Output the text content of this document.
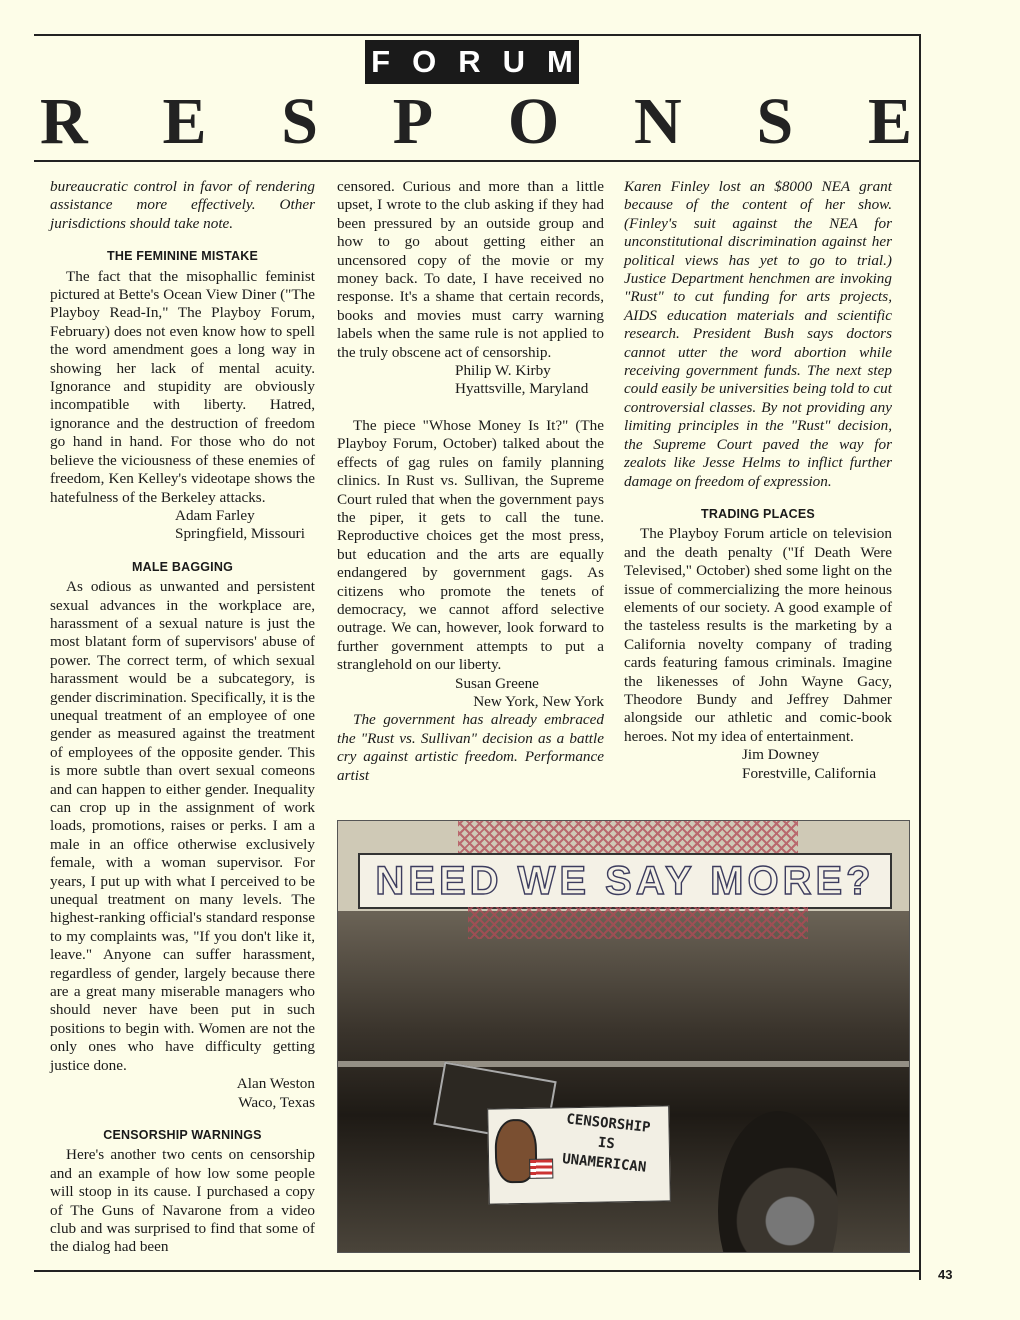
FORUM
R E S P O N S E

bureaucratic control in favor of rendering assistance more effectively. Other jurisdictions should take note.

THE FEMININE MISTAKE

The fact that the misophallic feminist pictured at Bette's Ocean View Diner ("The Playboy Read-In," The Playboy Forum, February) does not even know how to spell the word amendment goes a long way in showing her lack of mental acuity. Ignorance and stupidity are obviously incompatible with liberty. Hatred, ignorance and the destruction of freedom go hand in hand. For those who do not believe the viciousness of these enemies of freedom, Ken Kelley's videotape shows the hatefulness of the Berkeley attacks.

Adam Farley
Springfield, Missouri
MALE BAGGING

As odious as unwanted and persistent sexual advances in the workplace are, harassment of a sexual nature is just the most blatant form of supervisors' abuse of power. The correct term, of which sexual harassment would be a subcategory, is gender discrimination. Specifically, it is the unequal treatment of an employee of one gender as measured against the treatment of employees of the opposite gender. This is more subtle than overt sexual comeons and can happen to either gender. Inequality can crop up in the assignment of work loads, promotions, raises or perks. I am a male in an office otherwise exclusively female, with a woman supervisor. For years, I put up with what I perceived to be unequal treatment on many levels. The highest-ranking official's standard response to my complaints was, "If you don't like it, leave." Anyone can suffer harassment, regardless of gender, largely because there are a great many miserable managers who should never have been put in such positions to begin with. Women are not the only ones who have difficulty getting justice done.

Alan Weston
Waco, Texas
CENSORSHIP WARNINGS

Here's another two cents on censorship and an example of how low some people will stoop in its cause. I purchased a copy of The Guns of Navarone from a video club and was surprised to find that some of the dialog had been

censored. Curious and more than a little upset, I wrote to the club asking if they had been pressured by an outside group and how to go about getting either an uncensored copy of the movie or my money back. To date, I have received no response. It's a shame that certain records, books and movies must carry warning labels when the same rule is not applied to the truly obscene act of censorship.

Philip W. Kirby
Hyattsville, Maryland

The piece "Whose Money Is It?" (The Playboy Forum, October) talked about the effects of gag rules on family planning clinics. In Rust vs. Sullivan, the Supreme Court ruled that when the government pays the piper, it gets to call the tune. Reproductive choices get the most press, but education and the arts are equally endangered by government gags. As citizens who promote the tenets of democracy, we cannot afford selective outrage. We can, however, look forward to further government attempts to put a stranglehold on our liberty.

Susan Greene
New York, New York

The government has already embraced the "Rust vs. Sullivan" decision as a battle cry against artistic freedom. Performance artist

Karen Finley lost an $8000 NEA grant because of the content of her show. (Finley's suit against the NEA for unconstitutional discrimination against her political views has yet to go to trial.) Justice Department henchmen are invoking "Rust" to cut funding for arts projects, AIDS education materials and scientific research. President Bush says doctors cannot utter the word abortion while receiving government funds. The next step could easily be universities being told to cut controversial classes. By not providing any limiting principles in the "Rust" decision, the Supreme Court paved the way for zealots like Jesse Helms to inflict further damage on freedom of expression.

TRADING PLACES

The Playboy Forum article on television and the death penalty ("If Death Were Televised," October) shed some light on the issue of commercializing the more heinous elements of our society. A good example of the tasteless results is the marketing by a California novelty company of trading cards featuring famous criminals. Imagine the likenesses of John Wayne Gacy, Theodore Bundy and Jeffrey Dahmer alongside our athletic and comic-book heroes. Not my idea of entertainment.

Jim Downey
Forestville, California
NEED WE SAY MORE?
CENSORSHIP
IS
UNAMERICAN
43
